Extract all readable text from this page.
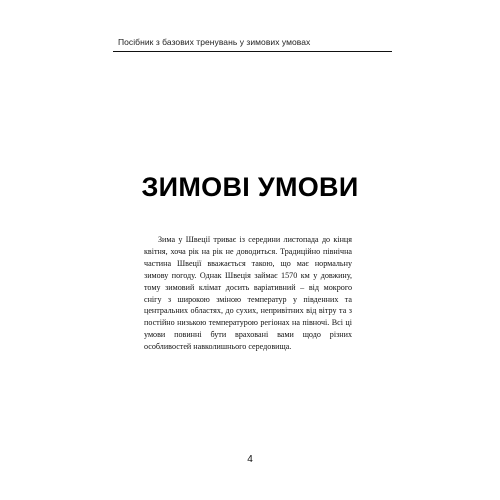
Посібник з базових тренувань у зимових умовах
ЗИМОВІ УМОВИ

Зима у Швеції триває із середини листопада до кінця квітня, хоча рік на рік не доводиться. Традиційно північна частина Швеції вважається такою, що має нормальну зимову погоду. Однак Швеція займає 1570 км у довжину, тому зимовий клімат досить варіативний – від мокрого снігу з широкою зміною температур у південних та центральних областях, до сухих, непривітних від вітру та з постійно низькою температурою регіонах на півночі. Всі ці умови повинні бути враховані вами щодо різних особливостей навколишнього середовища.

4
